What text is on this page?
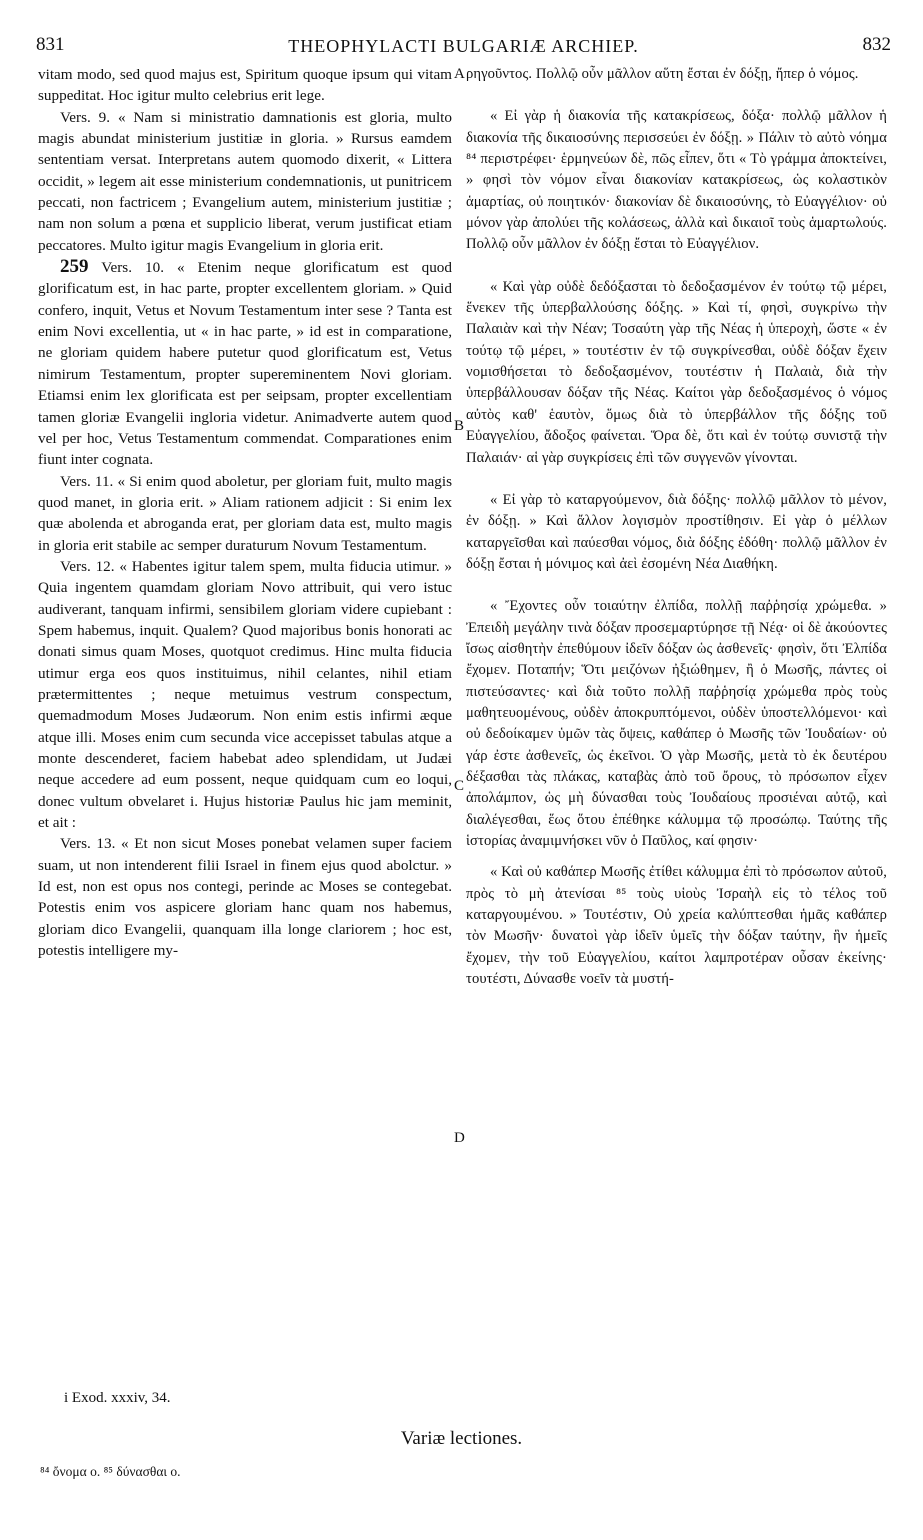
831	THEOPHYLACTI BULGARIÆ ARCHIEP.	832

vitam modo, sed quod majus est, Spiritum quoque ipsum qui vitam suppeditat. Hoc igitur multo celebrius erit lege.

Vers. 9. « Nam si ministratio damnationis est gloria, multo magis abundat ministerium justitiæ in gloria. » Rursus eamdem sententiam versat. Interpretans autem quomodo dixerit, « Littera occidit, » legem ait esse ministerium condemnationis, ut punitricem peccati, non factricem ; Evangelium autem, ministerium justitiæ ; nam non solum a pœna et supplicio liberat, verum justificat etiam peccatores. Multo igitur magis Evangelium in gloria erit.

259 Vers. 10. « Etenim neque glorificatum est quod glorificatum est, in hac parte, propter excellentem gloriam. » Quid confero, inquit, Vetus et Novum Testamentum inter sese ? Tanta est enim Novi excellentia, ut « in hac parte, » id est in comparatione, ne gloriam quidem habere putetur quod glorificatum est, Vetus nimirum Testamentum, propter supereminentem Novi gloriam. Etiamsi enim lex glorificata est per seipsam, propter excellentiam tamen gloriæ Evangelii ingloria videtur. Animadverte autem quod vel per hoc, Vetus Testamentum commendat. Comparationes enim fiunt inter cognata.

Vers. 11. « Si enim quod aboletur, per gloriam fuit, multo magis quod manet, in gloria erit. » Aliam rationem adjicit : Si enim lex quæ abolenda et abroganda erat, per gloriam data est, multo magis in gloria erit stabile ac semper duraturum Novum Testamentum.

Vers. 12. « Habentes igitur talem spem, multa fiducia utimur. » Quia ingentem quamdam gloriam Novo attribuit, qui vero istuc audiverant, tanquam infirmi, sensibilem gloriam videre cupiebant : Spem habemus, inquit. Qualem? Quod majoribus bonis honorati ac donati simus quam Moses, quotquot credimus. Hinc multa fiducia utimur erga eos quos instituimus, nihil celantes, nihil etiam prætermittentes ; neque metuimus vestrum conspectum, quemadmodum Moses Judæorum. Non enim estis infirmi æque atque illi. Moses enim cum secunda vice accepisset tabulas atque a monte descenderet, faciem habebat adeo splendidam, ut Judæi neque accedere ad eum possent, neque quidquam cum eo loqui, donec vultum obvelaret i. Hujus historiæ Paulus hic jam meminit, et ait :

Vers. 13. « Et non sicut Moses ponebat velamen super faciem suam, ut non intenderent filii Israel in finem ejus quod abolctur. » Id est, non est opus nos contegi, perinde ac Moses se contegebat. Potestis enim vos aspicere gloriam hanc quam nos habemus, gloriam dico Evangelii, quanquam illa longe clariorem ; hoc est, potestis intelligere my-

ρηγοῦντος. Πολλῷ οὖν μᾶλλον αὕτη ἔσται ἐν δόξῃ, ἤπερ ὁ νόμος.

« Εἰ γὰρ ἡ διακονία τῆς κατακρίσεως, δόξα· πολλῷ μᾶλλον ἡ διακονία τῆς δικαιοσύνης περισσεύει ἐν δόξῃ. » Πάλιν τὸ αὐτὸ νόημα ⁸⁴ περιστρέφει· ἑρμηνεύων δὲ, πῶς εἶπεν, ὅτι « Τὸ γράμμα ἀποκτείνει, » φησὶ τὸν νόμον εἶναι διακονίαν κατακρίσεως, ὡς κολαστικὸν ἁμαρτίας, οὐ ποιητικόν· διακονίαν δὲ δικαιοσύνης, τὸ Εὐαγγέλιον· οὐ μόνον γὰρ ἀπολύει τῆς κολάσεως, ἀλλὰ καὶ δικαιοῖ τοὺς ἁμαρτωλούς. Πολλῷ οὖν μᾶλλον ἐν δόξῃ ἔσται τὸ Εὐαγγέλιον.

« Καὶ γὰρ οὐδὲ δεδόξασται τὸ δεδοξασμένον ἐν τούτῳ τῷ μέρει, ἕνεκεν τῆς ὑπερβαλλούσης δόξης. » Καὶ τί, φησὶ, συγκρίνω τὴν Παλαιὰν καὶ τὴν Νέαν; Τοσαύτη γὰρ τῆς Νέας ἡ ὑπεροχὴ, ὥστε « ἐν τούτῳ τῷ μέρει, » τουτέστιν ἐν τῷ συγκρίνεσθαι, οὐδὲ δόξαν ἔχειν νομισθήσεται τὸ δεδοξασμένον, τουτέστιν ἡ Παλαιὰ, διὰ τὴν ὑπερβάλλουσαν δόξαν τῆς Νέας. Καίτοι γὰρ δεδοξασμένος ὁ νόμος αὐτὸς καθ' ἑαυτὸν, ὅμως διὰ τὸ ὑπερβάλλον τῆς δόξης τοῦ Εὐαγγελίου, ἄδοξος φαίνεται. Ὅρα δὲ, ὅτι καὶ ἐν τούτῳ συνιστᾷ τὴν Παλαιάν· αἱ γὰρ συγκρίσεις ἐπὶ τῶν συγγενῶν γίνονται.

« Εἰ γὰρ τὸ καταργούμενον, διὰ δόξης· πολλῷ μᾶλλον τὸ μένον, ἐν δόξῃ. » Καὶ ἄλλον λογισμὸν προστίθησιν. Εἰ γὰρ ὁ μέλλων καταργεῖσθαι καὶ παύεσθαι νόμος, διὰ δόξης ἐδόθη· πολλῷ μᾶλλον ἐν δόξῃ ἔσται ἡ μόνιμος καὶ ἀεὶ ἐσομένη Νέα Διαθήκη.

« Ἔχοντες οὖν τοιαύτην ἐλπίδα, πολλῇ παῤῥησίᾳ χρώμεθα. » Ἐπειδὴ μεγάλην τινὰ δόξαν προσεμαρτύρησε τῇ Νέᾳ· οἱ δὲ ἀκούοντες ἴσως αἰσθητὴν ἐπεθύμουν ἰδεῖν δόξαν ὡς ἀσθενεῖς· φησὶν, ὅτι Ἐλπίδα ἔχομεν. Ποταπήν; Ὅτι μειζόνων ἠξιώθημεν, ἢ ὁ Μωσῆς, πάντες οἱ πιστεύσαντες· καὶ διὰ τοῦτο πολλῇ παῤῥησίᾳ χρώμεθα πρὸς τοὺς μαθητευομένους, οὐδὲν ἀποκρυπτόμενοι, οὐδὲν ὑποστελλόμενοι· καὶ οὐ δεδοίκαμεν ὑμῶν τὰς ὄψεις, καθάπερ ὁ Μωσῆς τῶν Ἰουδαίων· οὐ γάρ ἐστε ἀσθενεῖς, ὡς ἐκεῖνοι. Ὁ γὰρ Μωσῆς, μετὰ τὸ ἐκ δευτέρου δέξασθαι τὰς πλάκας, καταβὰς ἀπὸ τοῦ ὄρους, τὸ πρόσωπον εἶχεν ἀπολάμπον, ὡς μὴ δύνασθαι τοὺς Ἰουδαίους προσιέναι αὐτῷ, καὶ διαλέγεσθαι, ἕως ὅτου ἐπέθηκε κάλυμμα τῷ προσώπῳ. Ταύτης τῆς ἱστορίας ἀναμιμνήσκει νῦν ὁ Παῦλος, καί φησιν·

« Καὶ οὐ καθάπερ Μωσῆς ἐτίθει κάλυμμα ἐπὶ τὸ πρόσωπον αὐτοῦ, πρὸς τὸ μὴ ἀτενίσαι ⁸⁵ τοὺς υἱοὺς Ἰσραὴλ εἰς τὸ τέλος τοῦ καταργουμένου. » Τουτέστιν, Οὐ χρεία καλύπτεσθαι ἡμᾶς καθάπερ τὸν Μωσῆν· δυνατοὶ γὰρ ἰδεῖν ὑμεῖς τὴν δόξαν ταύτην, ἣν ἡμεῖς ἔχομεν, τὴν τοῦ Εὐαγγελίου, καίτοι λαμπροτέραν οὖσαν ἐκείνης· τουτέστι, Δύνασθε νοεῖν τὰ μυστή-

A
B
C
D
i Exod. xxxiv, 34.
Variæ lectiones.
⁸⁴ ὄνομα ο. ⁸⁵ δύνασθαι ο.
